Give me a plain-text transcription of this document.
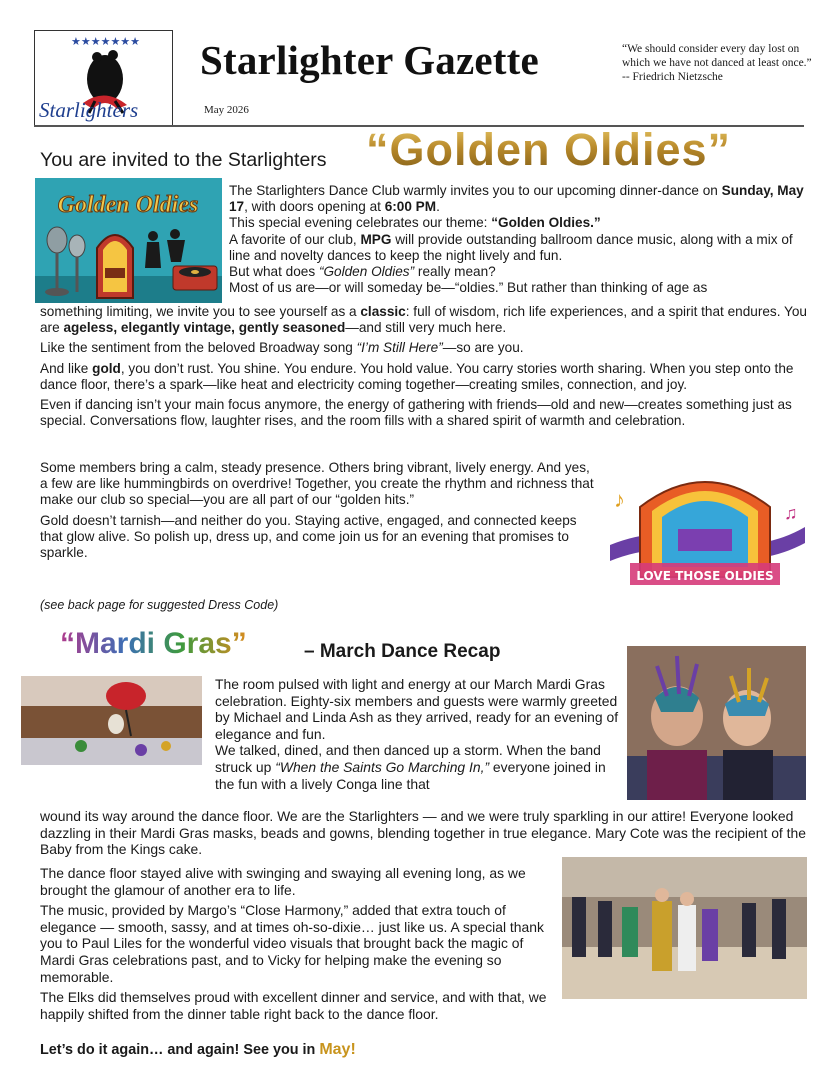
★★★★★★★
Starlighters
Starlighter Gazette
May 2026
“We should consider every day lost on which we have not danced at least once.”
-- Friedrich Nietzsche
You are invited to the Starlighters “Golden Oldies”
Golden Oldies

The Starlighters Dance Club warmly invites you to our upcoming dinner-dance on Sunday, May 17, with doors opening at 6:00 PM.

This special evening celebrates our theme: “Golden Oldies.”

A favorite of our club, MPG will provide outstanding ballroom dance music, along with a mix of line and novelty dances to keep the night lively and fun.

But what does “Golden Oldies” really mean?

Most of us are—or will someday be—“oldies.” But rather than thinking of age as

something limiting, we invite you to see yourself as a classic: full of wisdom, rich life experiences, and a spirit that endures. You are ageless, elegantly vintage, gently seasoned—and still very much here.

Like the sentiment from the beloved Broadway song “I’m Still Here”—so are you.

And like gold, you don’t rust. You shine. You endure. You hold value. You carry stories worth sharing. When you step onto the dance floor, there’s a spark—like heat and electricity coming together—creating smiles, connection, and joy.

Even if dancing isn’t your main focus anymore, the energy of gathering with friends—old and new—creates something just as special. Conversations flow, laughter rises, and the room fills with a shared spirit of warmth and celebration.

Some members bring a calm, steady presence. Others bring vibrant, lively energy. And yes, a few are like hummingbirds on overdrive! Together, you create the rhythm and richness that make our club so special—you are all part of our “golden hits.”

Gold doesn’t tarnish—and neither do you. Staying active, engaged, and connected keeps that glow alive. So polish up, dress up, and come join us for an evening that promises to sparkle.

LOVE THOSE OLDIES
♪
♫
(see back page for suggested Dress Code)
“Mardi Gras”	– March Dance Recap

The room pulsed with light and energy at our March Mardi Gras celebration. Eighty-six members and guests were warmly greeted by Michael and Linda Ash as they arrived, ready for an evening of elegance and fun.

We talked, dined, and then danced up a storm. When the band struck up “When the Saints Go Marching In,” everyone joined in the fun with a lively Conga line that

wound its way around the dance floor. We are the Starlighters — and we were truly sparkling in our attire! Everyone looked dazzling in their Mardi Gras masks, beads and gowns, blending together in true elegance. Mary Cote was the recipient of the Baby from the Kings cake.

The dance floor stayed alive with swinging and swaying all evening long, as we brought the glamour of another era to life.

The music, provided by Margo’s “Close Harmony,” added that extra touch of elegance — smooth, sassy, and at times oh-so-dixie… just like us. A special thank you to Paul Liles for the wonderful video visuals that brought back the magic of Mardi Gras celebrations past, and to Vicky for helping make the evening so memorable.

The Elks did themselves proud with excellent dinner and service, and with that, we happily shifted from the dinner table right back to the dance floor.

Let’s do it again… and again! See you in May!
